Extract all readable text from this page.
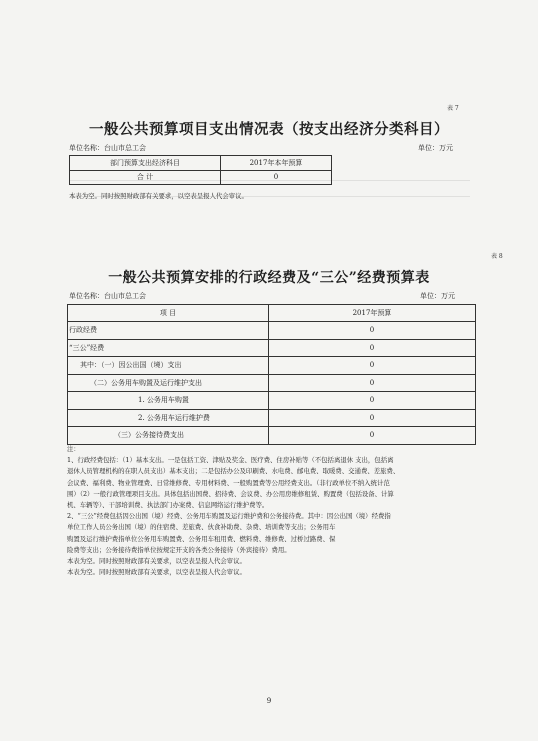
表 7
一般公共预算项目支出情况表（按支出经济分类科目）
单位名称：台山市总工会	单位：万元
部门预算支出经济科目	2017年本年预算
合 计	0
本表为空。同时按照财政部有关要求，以空表呈报人代会审议。
表 8
一般公共预算安排的行政经费及“三公”经费预算表
单位名称：台山市总工会	单位：万元
项 目	2017年预算
行政经费	0
“三公”经费	0
其中：（一）因公出国（境）支出	0
（二）公务用车购置及运行维护支出	0
1. 公务用车购置	0
2. 公务用车运行维护费	0
（三）公务接待费支出	0
注：
1、行政经费包括：（1）基本支出。一是包括工资、津贴及奖金、医疗费、住房补贴等（不包括离退休 支出，包括离
退休人员管理机构的在职人员支出）基本支出；二是包括办公及印刷费、水电费、邮电费、取暖费、交通费、差旅费、
会议费、福利费、物业管理费、日常维修费、专用材料费、一般购置费等公用经费支出。（非行政单位不纳入统计范
围）（2）一般行政管理项目支出。具体包括出国费、招待费、会议费、办公用房维修租赁、购置费（包括设备、计算
机、车辆等）、干部培训费、执法部门办案费、信息网络运行维护费等。
2、“三公”经费包括因公出国（境）经费、公务用车购置及运行维护费和公务接待费。其中：因公出国（境）经费指
单位工作人员公务出国（境）的住宿费、差旅费、伙食补助费、杂费、培训费等支出；公务用车
购置及运行维护费指单位公务用车购置费、公务用车租用费、燃料费、维修费、过桥过路费、保
险费等支出；公务接待费指单位按规定开支的各类公务接待（外宾接待）费用。
本表为空。同时按照财政部有关要求，以空表呈报人代会审议。
本表为空。同时按照财政部有关要求，以空表呈报人代会审议。
9
